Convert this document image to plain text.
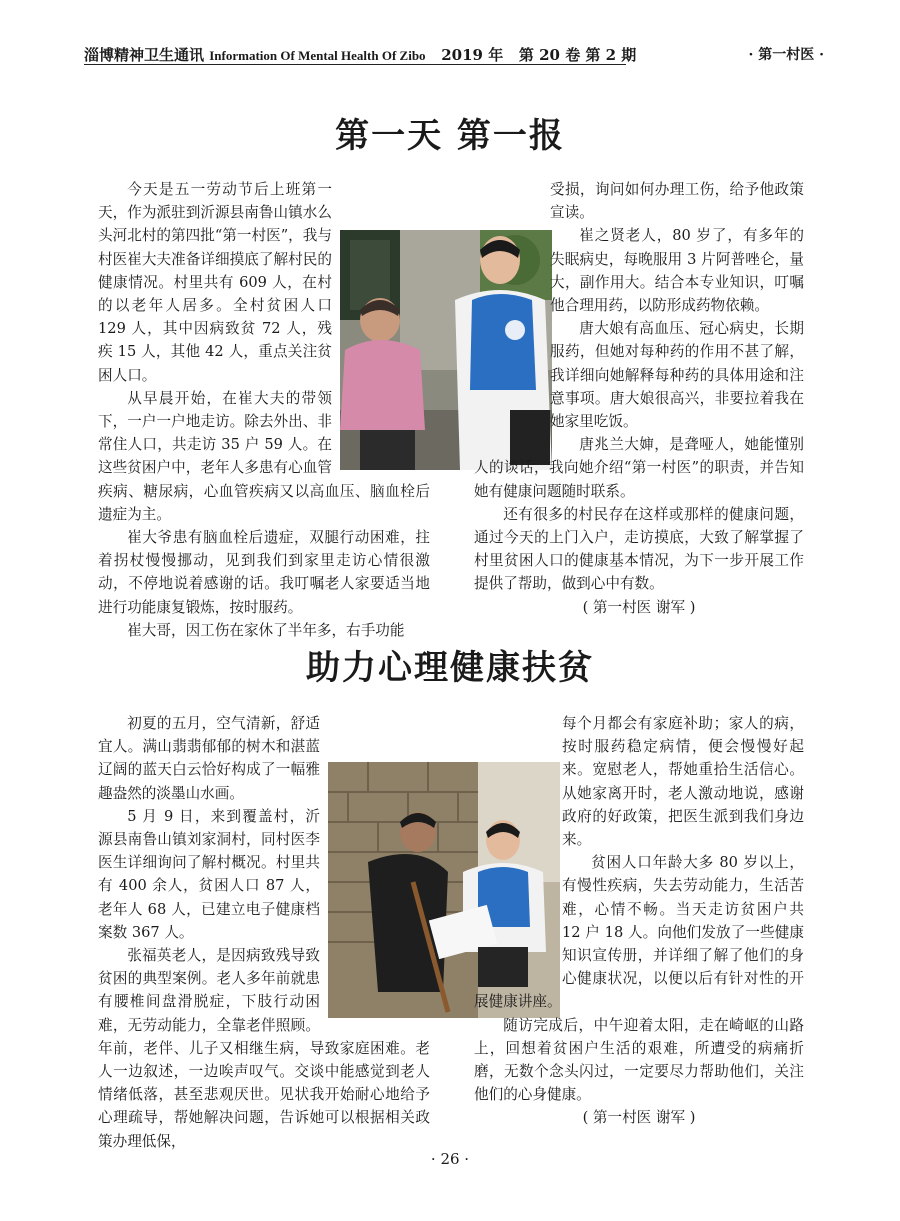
淄博精神卫生通讯 Information Of Mental Health Of Zibo 2019 年 第 20 卷 第 2 期	· 第一村医 ·
第一天 第一报

今天是五一劳动节后上班第一天，作为派驻到沂源县南鲁山镇水么头河北村的第四批“第一村医”，我与村医崔大夫准备详细摸底了解村民的健康情况。村里共有 609 人，在村的以老年人居多。全村贫困人口 129 人，其中因病致贫 72 人，残疾 15 人，其他 42 人，重点关注贫困人口。

从早晨开始，在崔大夫的带领下，一户一户地走访。除去外出、非常住人口，共走访 35 户 59 人。在这些贫困户中，老年人多患有心血管疾病、糖尿病，心血管疾病又以高血压、脑血栓后遗症为主。

崔大爷患有脑血栓后遗症，双腿行动困难，拄着拐杖慢慢挪动，见到我们到家里走访心情很激动，不停地说着感谢的话。我叮嘱老人家要适当地进行功能康复锻炼，按时服药。

崔大哥，因工伤在家休了半年多，右手功能

受损，询问如何办理工伤，给予他政策宣读。

崔之贤老人，80 岁了，有多年的失眠病史，每晚服用 3 片阿普唑仑，量大，副作用大。结合本专业知识，叮嘱他合理用药，以防形成药物依赖。

唐大娘有高血压、冠心病史，长期服药，但她对每种药的作用不甚了解，我详细向她解释每种药的具体用途和注意事项。唐大娘很高兴，非要拉着我在她家里吃饭。

唐兆兰大婶，是聋哑人，她能懂别人的谈话，我向她介绍“第一村医”的职责，并告知她有健康问题随时联系。

还有很多的村民存在这样或那样的健康问题，通过今天的上门入户，走访摸底，大致了解掌握了村里贫困人口的健康基本情况，为下一步开展工作提供了帮助，做到心中有数。

( 第一村医 谢军 )

助力心理健康扶贫

初夏的五月，空气清新，舒适宜人。满山翡翡郁郁的树木和湛蓝辽阔的蓝天白云恰好构成了一幅雅趣盎然的淡墨山水画。

5 月 9 日，来到覆盖村，沂源县南鲁山镇刘家洞村，同村医李医生详细询问了解村概况。村里共有 400 余人，贫困人口 87 人，老年人 68 人，已建立电子健康档案数 367 人。

张福英老人，是因病致残导致贫困的典型案例。老人多年前就患有腰椎间盘滑脱症，下肢行动困难，无劳动能力，全靠老伴照顾。年前，老伴、儿子又相继生病，导致家庭困难。老人一边叙述，一边唉声叹气。交谈中能感觉到老人情绪低落，甚至悲观厌世。见状我开始耐心地给予心理疏导，帮她解决问题，告诉她可以根据相关政策办理低保，

每个月都会有家庭补助；家人的病，按时服药稳定病情，便会慢慢好起来。宽慰老人，帮她重拾生活信心。从她家离开时，老人激动地说，感谢政府的好政策，把医生派到我们身边来。

贫困人口年龄大多 80 岁以上，有慢性疾病，失去劳动能力，生活苦难，心情不畅。当天走访贫困户共 12 户 18 人。向他们发放了一些健康知识宣传册，并详细了解了他们的身心健康状况，以便以后有针对性的开展健康讲座。

随访完成后，中午迎着太阳，走在崎岖的山路上，回想着贫困户生活的艰难，所遭受的病痛折磨，无数个念头闪过，一定要尽力帮助他们，关注他们的心身健康。

( 第一村医 谢军 )

· 26 ·
